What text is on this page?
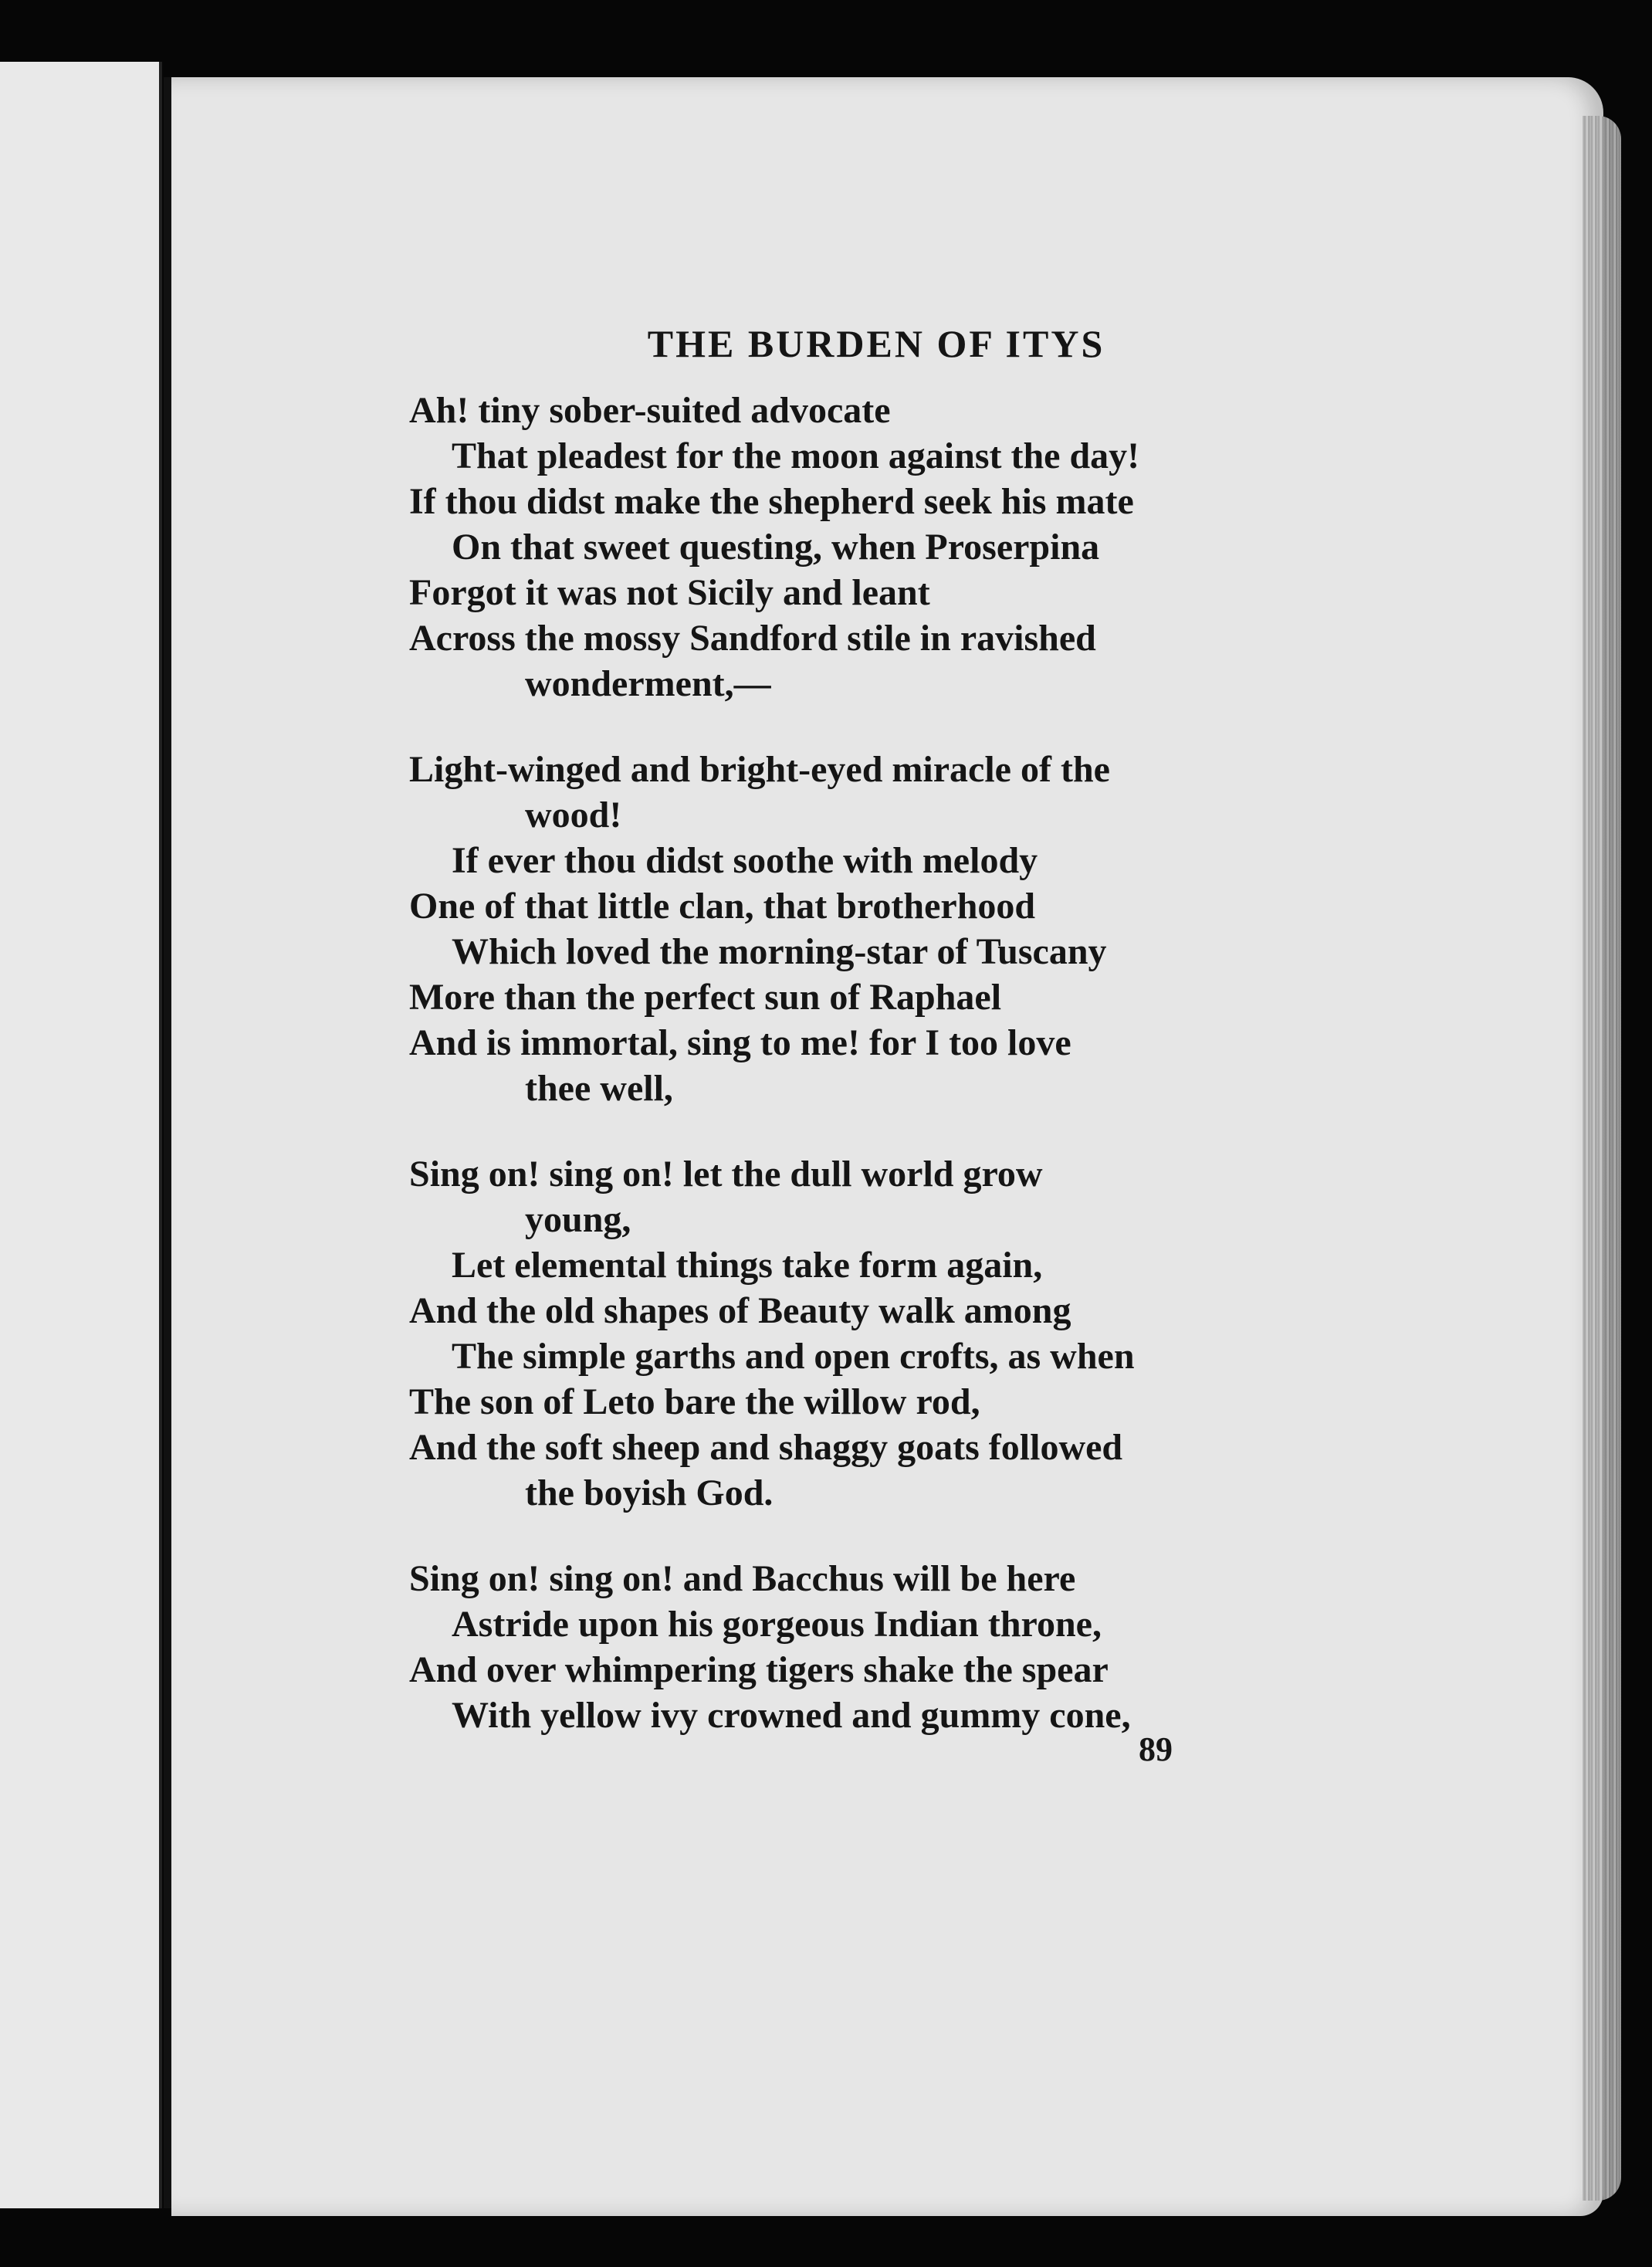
THE BURDEN OF ITYS
Ah! tiny sober-suited advocate
That pleadest for the moon against the day!
If thou didst make the shepherd seek his mate
On that sweet questing, when Proserpina
Forgot it was not Sicily and leant
Across the mossy Sandford stile in ravished
wonderment,—
Light-winged and bright-eyed miracle of the
wood!
If ever thou didst soothe with melody
One of that little clan, that brotherhood
Which loved the morning-star of Tuscany
More than the perfect sun of Raphael
And is immortal, sing to me! for I too love
thee well,
Sing on! sing on! let the dull world grow
young,
Let elemental things take form again,
And the old shapes of Beauty walk among
The simple garths and open crofts, as when
The son of Leto bare the willow rod,
And the soft sheep and shaggy goats followed
the boyish God.
Sing on! sing on! and Bacchus will be here
Astride upon his gorgeous Indian throne,
And over whimpering tigers shake the spear
With yellow ivy crowned and gummy cone,
89
